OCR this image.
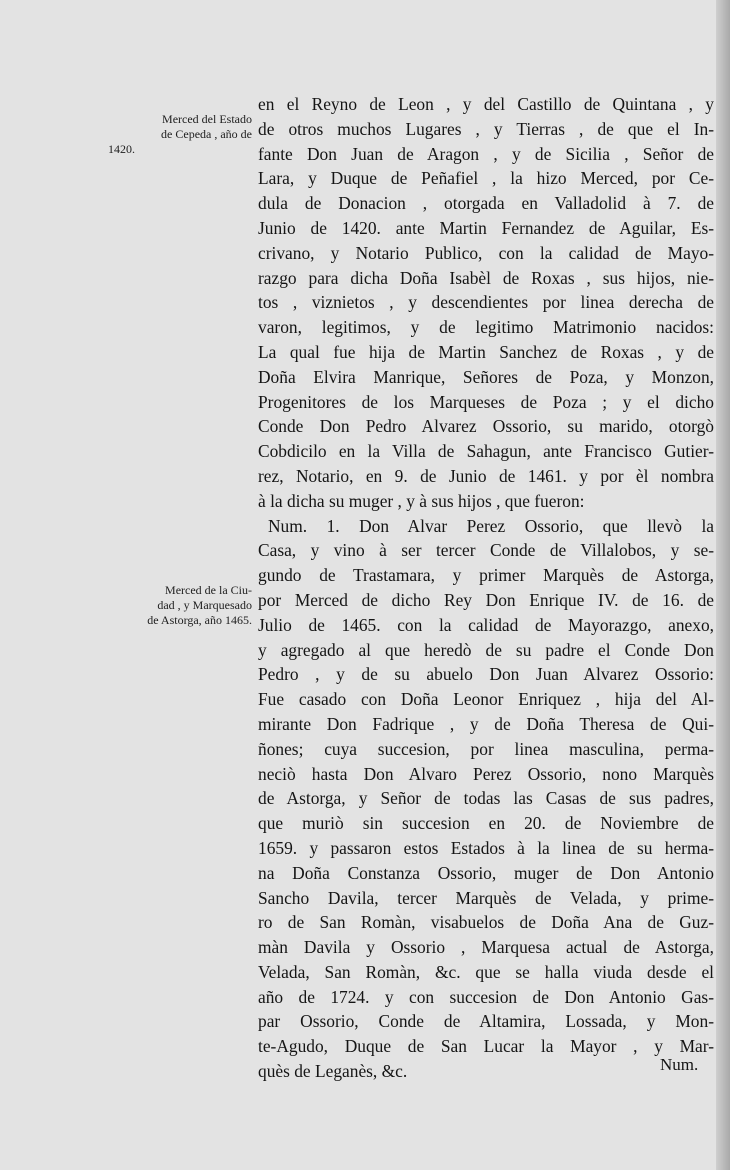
Merced del Estado
de Cepeda , año de
1420.
Merced de la Ciu-
dad , y Marquesado
de Astorga, año 1465.
en el Reyno de Leon , y del Castillo de Quintana , y
de otros muchos Lugares , y Tierras , de que el In-
fante Don Juan de Aragon , y de Sicilia , Señor de
Lara, y Duque de Peñafiel , la hizo Merced, por Ce-
dula de Donacion , otorgada en Valladolid à 7. de
Junio de 1420. ante Martin Fernandez de Aguilar, Es-
crivano, y Notario Publico, con la calidad de Mayo-
razgo para dicha Doña Isabèl de Roxas , sus hijos, nie-
tos , viznietos , y descendientes por linea derecha de
varon, legitimos, y de legitimo Matrimonio nacidos:
La qual fue hija de Martin Sanchez de Roxas , y de
Doña Elvira Manrique, Señores de Poza, y Monzon,
Progenitores de los Marqueses de Poza ; y el dicho
Conde Don Pedro Alvarez Ossorio, su marido, otorgò
Cobdicilo en la Villa de Sahagun, ante Francisco Gutier-
rez, Notario, en 9. de Junio de 1461. y por èl nombra
à la dicha su muger , y à sus hijos , que fueron:
Num. 1. Don Alvar Perez Ossorio, que llevò la
Casa, y vino à ser tercer Conde de Villalobos, y se-
gundo de Trastamara, y primer Marquès de Astorga,
por Merced de dicho Rey Don Enrique IV. de 16. de
Julio de 1465. con la calidad de Mayorazgo, anexo,
y agregado al que heredò de su padre el Conde Don
Pedro , y de su abuelo Don Juan Alvarez Ossorio:
Fue casado con Doña Leonor Enriquez , hija del Al-
mirante Don Fadrique , y de Doña Theresa de Qui-
ñones; cuya succesion, por linea masculina, perma-
neciò hasta Don Alvaro Perez Ossorio, nono Marquès
de Astorga, y Señor de todas las Casas de sus padres,
que muriò sin succesion en 20. de Noviembre de
1659. y passaron estos Estados à la linea de su herma-
na Doña Constanza Ossorio, muger de Don Antonio
Sancho Davila, tercer Marquès de Velada, y prime-
ro de San Romàn, visabuelos de Doña Ana de Guz-
màn Davila y Ossorio , Marquesa actual de Astorga,
Velada, San Romàn, &c. que se halla viuda desde el
año de 1724. y con succesion de Don Antonio Gas-
par Ossorio, Conde de Altamira, Lossada, y Mon-
te-Agudo, Duque de San Lucar la Mayor , y Mar-
quès de Leganès, &c.	Num.
